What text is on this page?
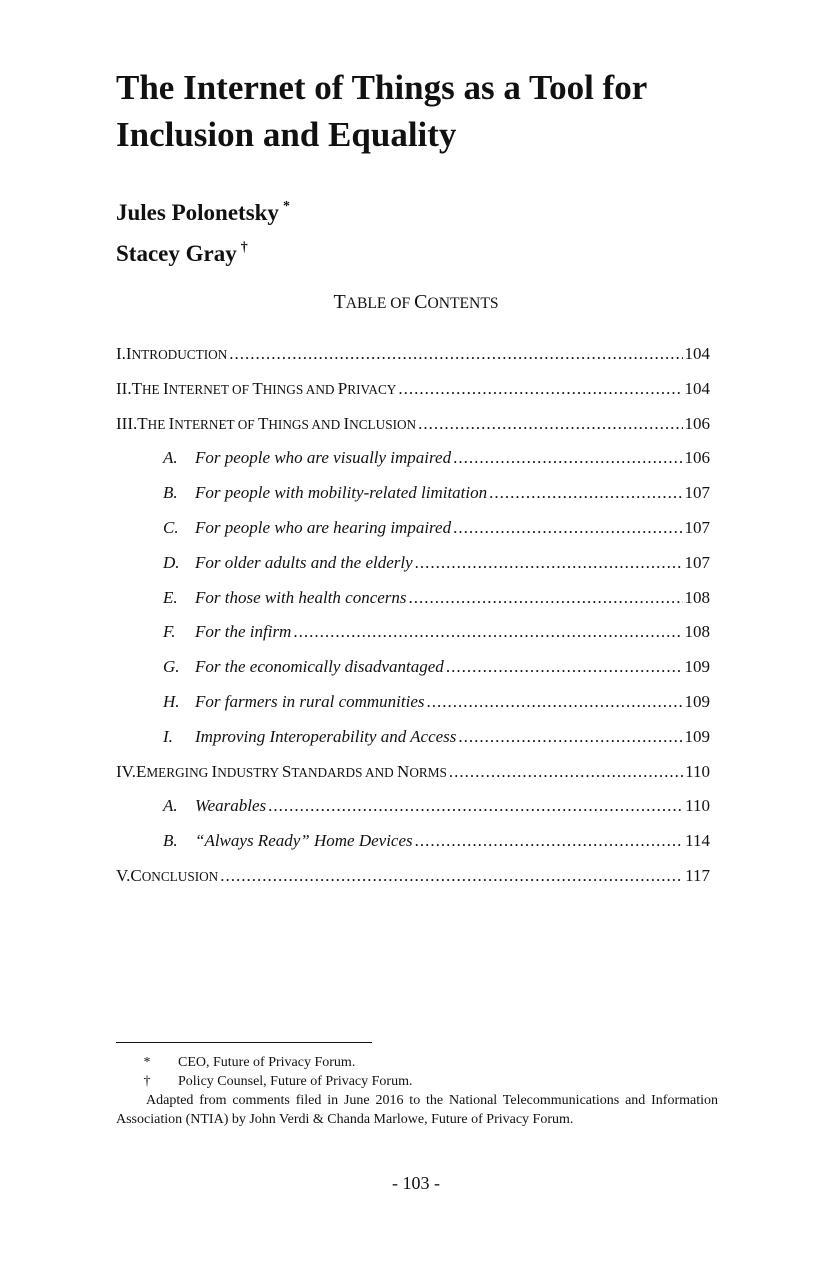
The Internet of Things as a Tool for Inclusion and Equality
Jules Polonetsky *
Stacey Gray †
TABLE OF CONTENTS
I.INTRODUCTION .....	104
II.THE INTERNET OF THINGS AND PRIVACY .....	104
III.THE INTERNET OF THINGS AND INCLUSION .....	106
A.	For people who are visually impaired .....	106
B.	For people with mobility-related limitation .....	107
C. For people who are hearing impaired .....	107
D. For older adults and the elderly .....	107
E.	For those with health concerns .....	108
F.	For the infirm .....	108
G. For the economically disadvantaged .....	109
H. For farmers in rural communities .....	109
I.	Improving Interoperability and Access .....	109
IV.EMERGING INDUSTRY STANDARDS AND NORMS .....	110
A.	Wearables .....	110
B.	“Always Ready” Home Devices .....	114
V.CONCLUSION .....	117
*	CEO, Future of Privacy Forum.
†	Policy Counsel, Future of Privacy Forum.

Adapted from comments filed in June 2016 to the National Telecommunications and Information Association (NTIA) by John Verdi & Chanda Marlowe, Future of Privacy Forum.

- 103 -
